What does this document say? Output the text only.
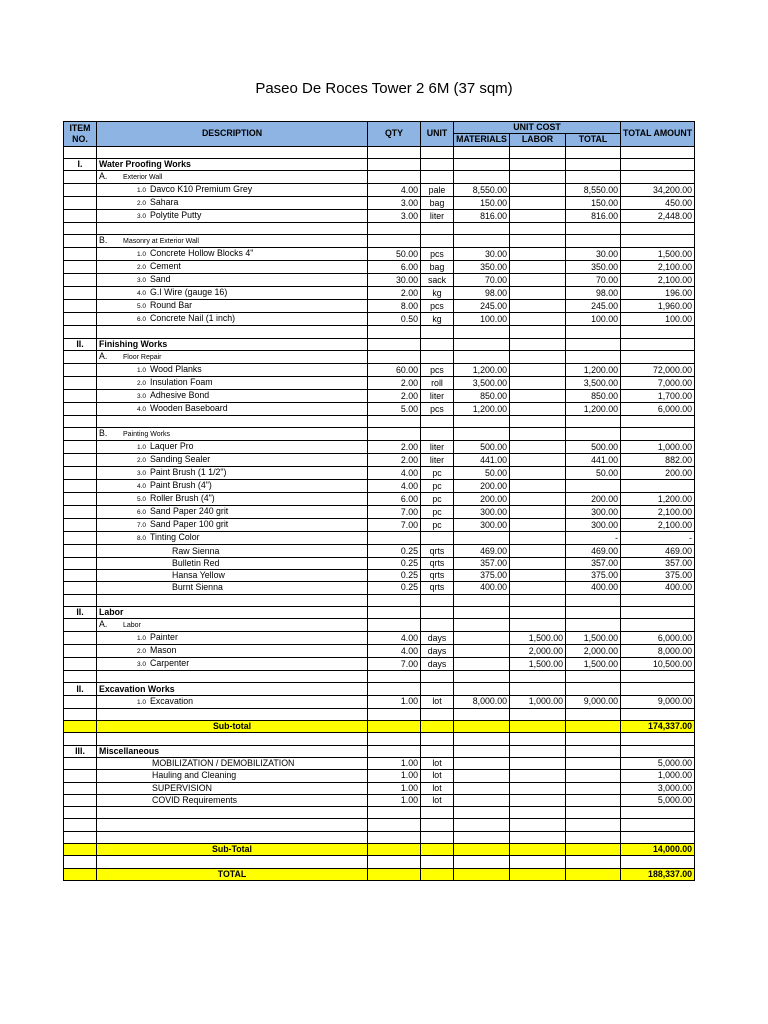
Paseo De Roces Tower 2 6M (37 sqm)
ITEM
NO.	DESCRIPTION	QTY	UNIT	UNIT COST			TOTAL AMOUNT
				MATERIALS	LABOR	TOTAL	

I.	Water Proofing Works						
	A. Exterior Wall						
	1.0 Davco K10 Premium Grey	4.00	pale	8,550.00		8,550.00	34,200.00
	2.0 Sahara	3.00	bag	150.00		150.00	450.00
	3.0 Polytite Putty	3.00	liter	816.00		816.00	2,448.00

	B. Masonry at Exterior Wall						
	1.0 Concrete Hollow Blocks 4"	50.00	pcs	30.00		30.00	1,500.00
	2.0 Cement	6.00	bag	350.00		350.00	2,100.00
	3.0 Sand	30.00	sack	70.00		70.00	2,100.00
	4.0 G.I Wire (gauge 16)	2.00	kg	98.00		98.00	196.00
	5.0 Round Bar	8.00	pcs	245.00		245.00	1,960.00
	6.0 Concrete Nail (1 inch)	0.50	kg	100.00		100.00	100.00

II.	Finishing Works						
	A. Floor Repair						
	1.0 Wood Planks	60.00	pcs	1,200.00		1,200.00	72,000.00
	2.0 Insulation Foam	2.00	roll	3,500.00		3,500.00	7,000.00
	3.0 Adhesive Bond	2.00	liter	850.00		850.00	1,700.00
	4.0 Wooden Baseboard	5.00	pcs	1,200.00		1,200.00	6,000.00

	B. Painting Works						
	1.0 Laquer Pro	2.00	liter	500.00		500.00	1,000.00
	2.0 Sanding Sealer	2.00	liter	441.00		441.00	882.00
	3.0 Paint Brush (1 1/2")	4.00	pc	50.00		50.00	200.00
	4.0 Paint Brush (4")	4.00	pc	200.00			
	5.0 Roller Brush (4")	6.00	pc	200.00		200.00	1,200.00
	6.0 Sand Paper 240 grit	7.00	pc	300.00		300.00	2,100.00
	7.0 Sand Paper 100 grit	7.00	pc	300.00		300.00	2,100.00
	8.0 Tinting Color					-	-
	Raw Sienna	0.25	qrts	469.00		469.00	469.00
	Bulletin Red	0.25	qrts	357.00		357.00	357.00
	Hansa Yellow	0.25	qrts	375.00		375.00	375.00
	Burnt Sienna	0.25	qrts	400.00		400.00	400.00

II.	Labor						
	A. Labor						
	1.0 Painter	4.00	days		1,500.00	1,500.00	6,000.00
	2.0 Mason	4.00	days		2,000.00	2,000.00	8,000.00
	3.0 Carpenter	7.00	days		1,500.00	1,500.00	10,500.00

II.	Excavation Works						
	1.0 Excavation	1.00	lot	8,000.00	1,000.00	9,000.00	9,000.00

	Sub-total						174,337.00

III.	Miscellaneous						
	MOBILIZATION / DEMOBILIZATION	1.00	lot				5,000.00
	Hauling and Cleaning	1.00	lot				1,000.00
	SUPERVISION	1.00	lot				3,000.00
	COVID Requirements	1.00	lot				5,000.00

	Sub-Total						14,000.00

	TOTAL						188,337.00
